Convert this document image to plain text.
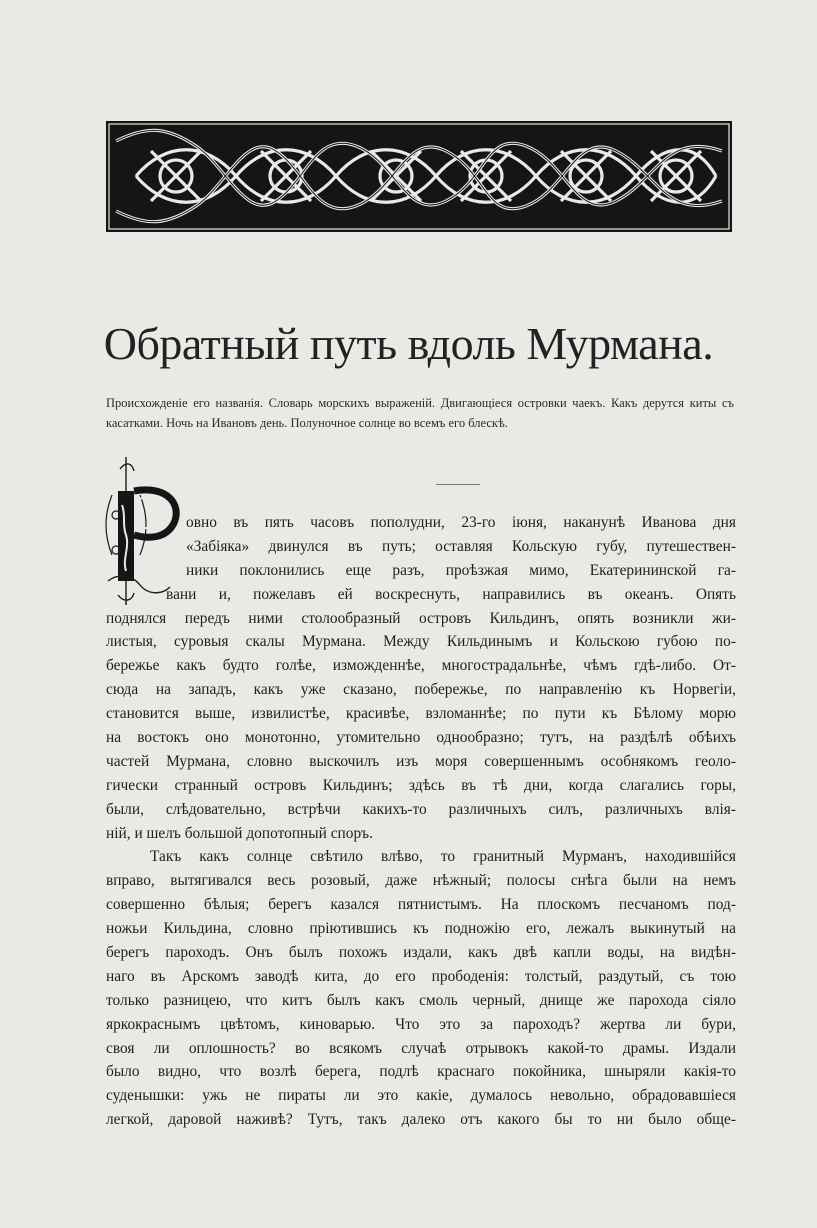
Обратный путь вдоль Мурмана.
Происхожденіе его названія. Словарь морскихъ выраженій. Двигающіеся островки чаекъ. Какъ дерутся киты съ касатками. Ночь на Ивановъ день. Полуночное солнце во всемъ его блескѣ.
овно въ пять часовъ пополудни, 23-го іюня, наканунѣ Иванова дня
«Забіяка» двинулся въ путь; оставляя Кольскую губу, путешествен-
ники поклонились еще разъ, проѣзжая мимо, Екатерининской га-
вани и, пожелавъ ей воскреснуть, направились въ океанъ. Опять
поднялся передъ ними столообразный островъ Кильдинъ, опять возникли жи-
листыя, суровыя скалы Мурмана. Между Кильдинымъ и Кольскою губою по-
бережье какъ будто голѣе, изможденнѣе, многострадальнѣе, чѣмъ гдѣ-либо. От-
сюда на западъ, какъ уже сказано, побережье, по направленію къ Норвегіи,
становится выше, извилистѣе, красивѣе, взломаннѣе; по пути къ Бѣлому морю
на востокъ оно монотонно, утомительно однообразно; тутъ, на раздѣлѣ обѣихъ
частей Мурмана, словно выскочилъ изъ моря совершеннымъ особнякомъ геоло-
гически странный островъ Кильдинъ; здѣсь въ тѣ дни, когда слагались горы,
были, слѣдовательно, встрѣчи какихъ-то различныхъ силъ, различныхъ влія-
ній, и шелъ большой допотопный споръ.
Такъ какъ солнце свѣтило влѣво, то гранитный Мурманъ, находившійся
вправо, вытягивался весь розовый, даже нѣжный; полосы снѣга были на немъ
совершенно бѣлыя; берегъ казался пятнистымъ. На плоскомъ песчаномъ под-
ножьи Кильдина, словно пріютившись къ подножію его, лежалъ выкинутый на
берегъ пароходъ. Онъ былъ похожъ издали, какъ двѣ капли воды, на видѣн-
наго въ Арскомъ заводѣ кита, до его прободенія: толстый, раздутый, съ тою
только разницею, что китъ былъ какъ смоль черный, днище же парохода сіяло
яркокраснымъ цвѣтомъ, киноварью. Что это за пароходъ? жертва ли бури,
своя ли оплошность? во всякомъ случаѣ отрывокъ какой-то драмы. Издали
было видно, что возлѣ берега, подлѣ краснаго покойника, шныряли какія-то
суденышки: ужь не пираты ли это какіе, думалось невольно, обрадовавшіеся
легкой, даровой наживѣ? Тутъ, такъ далеко отъ какого бы то ни было обще-
